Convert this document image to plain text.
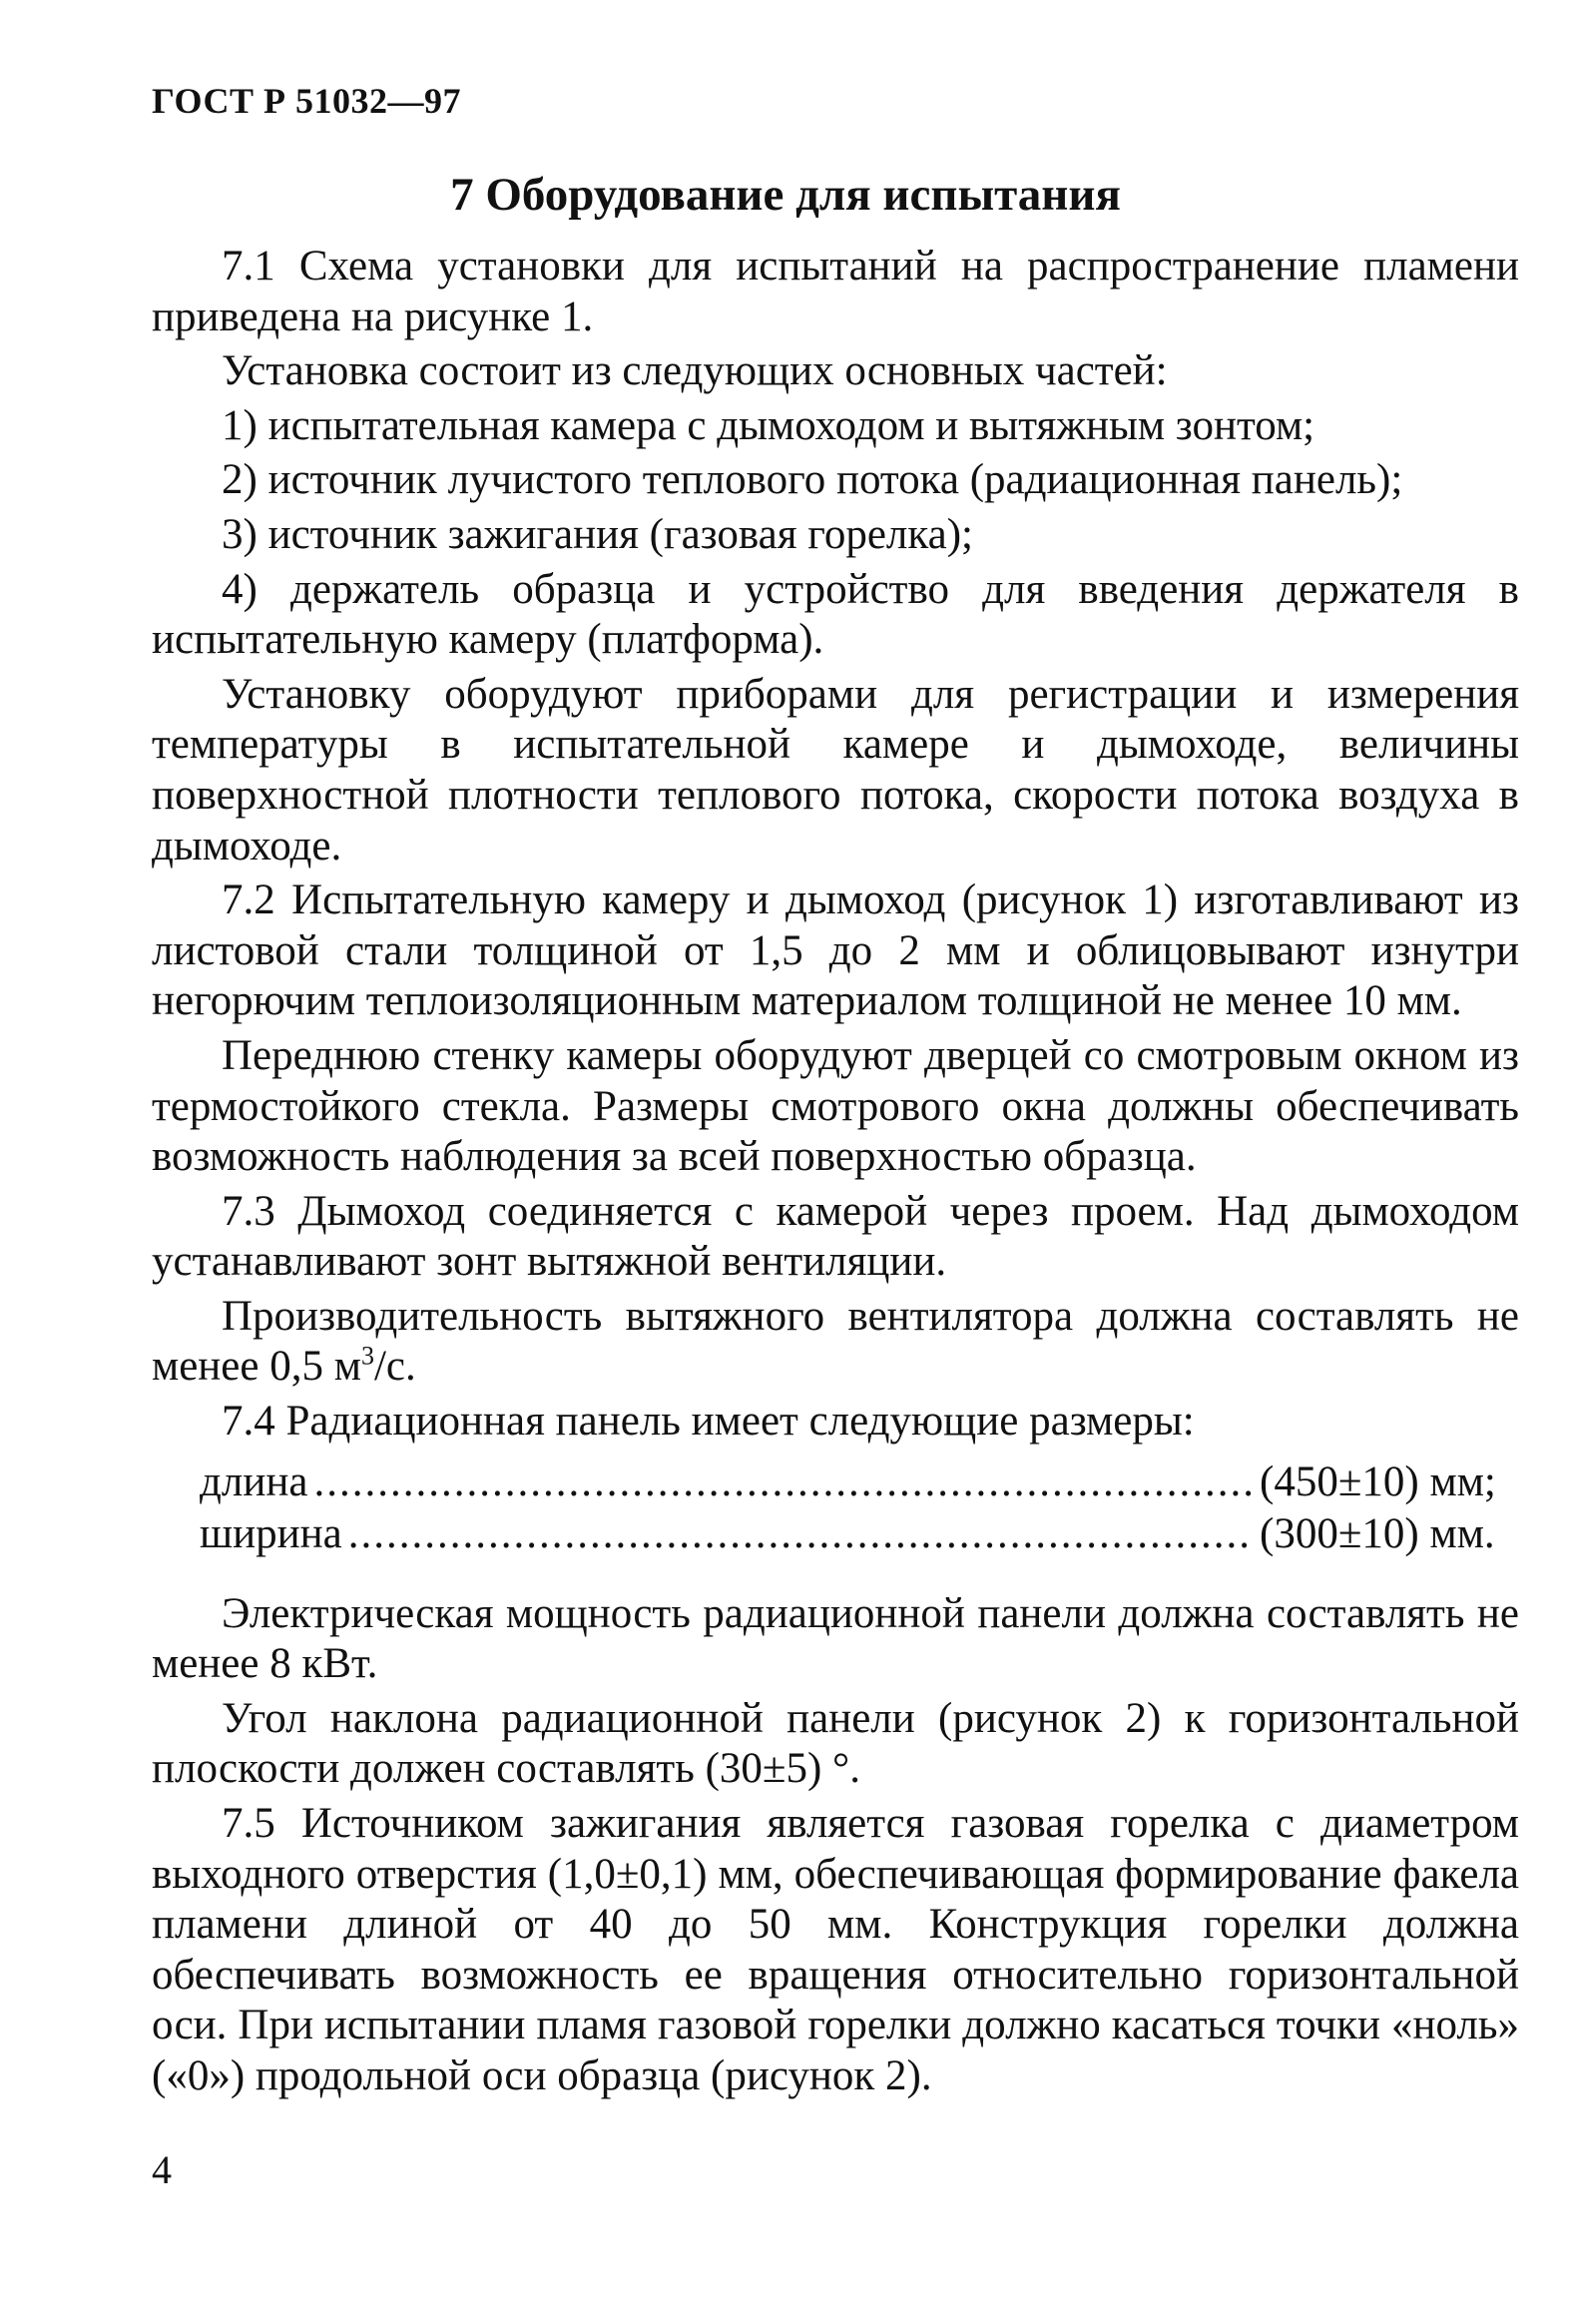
ГОСТ Р 51032—97
7 Оборудование для испытания

7.1 Схема установки для испытаний на распространение пламени приведена на рисунке 1.

Установка состоит из следующих основных частей:

1) испытательная камера с дымоходом и вытяжным зонтом;

2) источник лучистого теплового потока (радиационная панель);

3) источник зажигания (газовая горелка);

4) держатель образца и устройство для введения держателя в испытательную камеру (платформа).

Установку оборудуют приборами для регистрации и измерения температуры в испытательной камере и дымоходе, величины поверхностной плотности теплового потока, скорости потока воздуха в дымоходе.

7.2 Испытательную камеру и дымоход (рисунок 1) изготавливают из листовой стали толщиной от 1,5 до 2 мм и облицовывают изнутри негорючим теплоизоляционным материалом толщиной не менее 10 мм.

Переднюю стенку камеры оборудуют дверцей со смотровым окном из термостойкого стекла. Размеры смотрового окна должны обеспечивать возможность наблюдения за всей поверхностью образца.

7.3 Дымоход соединяется с камерой через проем. Над дымоходом устанавливают зонт вытяжной вентиляции.

Производительность вытяжного вентилятора должна составлять не менее 0,5 $м^3/с$.

7.4 Радиационная панель имеет следующие размеры:

длина .....	(450±10) мм;
ширина .....	(300±10) мм.

Электрическая мощность радиационной панели должна составлять не менее 8 кВт.

Угол наклона радиационной панели (рисунок 2) к горизонтальной плоскости должен составлять (30±5) °.

7.5 Источником зажигания является газовая горелка с диаметром выходного отверстия (1,0±0,1) мм, обеспечивающая формирование факела пламени длиной от 40 до 50 мм. Конструкция горелки должна обеспечивать возможность ее вращения относительно горизонтальной оси. При испытании пламя газовой горелки должно касаться точки «ноль» («0») продольной оси образца (рисунок 2).

4
